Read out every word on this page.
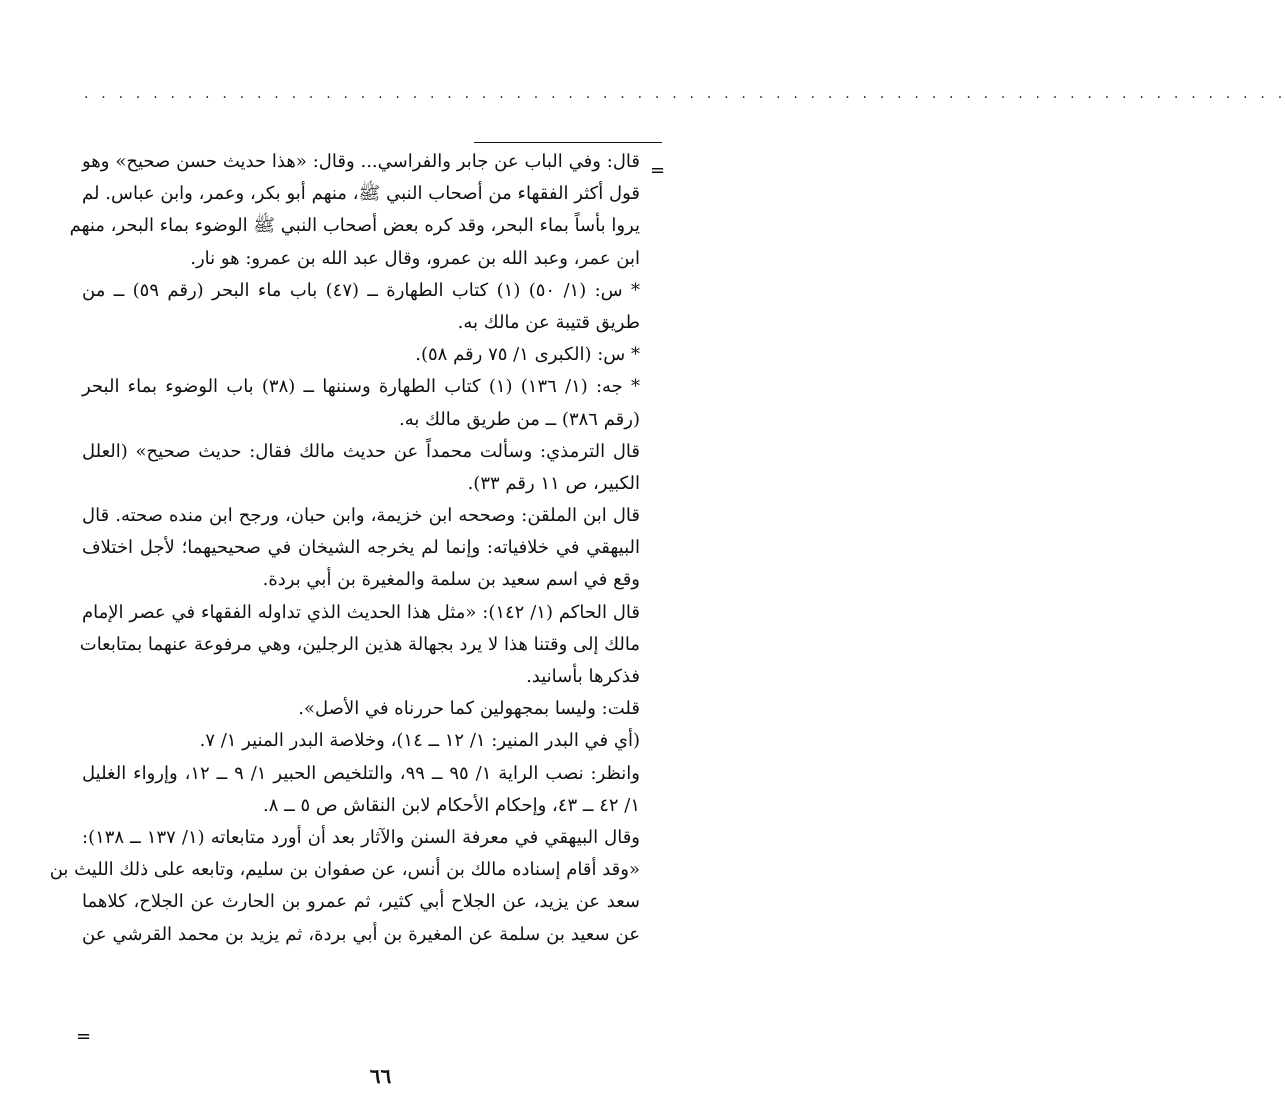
· · · · · · · · · · · · · · · · · · · · · · · · · · · · · · · · · · · · · · · · · · · · · · · · · · · · · · · · · · · · · · · · · · · · · ·
=
قال: وفي الباب عن جابر والفراسي... وقال: «هذا حديث حسن صحيح» وهو
قول أكثر الفقهاء من أصحاب النبي ﷺ، منهم أبو بكر، وعمر، وابن عباس. لم
يروا بأساً بماء البحر، وقد كره بعض أصحاب النبي ﷺ الوضوء بماء البحر، منهم
ابن عمر، وعبد الله بن عمرو، وقال عبد الله بن عمرو: هو نار.
* س: (١/ ٥٠) (١) كتاب الطهارة ــ (٤٧) باب ماء البحر (رقم ٥٩) ــ من
طريق قتيبة عن مالك به.
* س: (الكبرى ١/ ٧٥ رقم ٥٨).
* جه: (١/ ١٣٦) (١) كتاب الطهارة وسننها ــ (٣٨) باب الوضوء بماء البحر
(رقم ٣٨٦) ــ من طريق مالك به.
قال الترمذي: وسألت محمداً عن حديث مالك فقال: حديث صحيح» (العلل
الكبير، ص ١١ رقم ٣٣).
قال ابن الملقن: وصححه ابن خزيمة، وابن حبان، ورجح ابن منده صحته. قال
البيهقي في خلافياته: وإنما لم يخرجه الشيخان في صحيحيهما؛ لأجل اختلاف
وقع في اسم سعيد بن سلمة والمغيرة بن أبي بردة.
قال الحاكم (١/ ١٤٢): «مثل هذا الحديث الذي تداوله الفقهاء في عصر الإمام
مالك إلى وقتنا هذا لا يرد بجهالة هذين الرجلين، وهي مرفوعة عنهما بمتابعات
فذكرها بأسانيد.
قلت: وليسا بمجهولين كما حررناه في الأصل».
(أي في البدر المنير: ١/ ١٢ ــ ١٤)، وخلاصة البدر المنير ١/ ٧.
وانظر: نصب الراية ١/ ٩٥ ــ ٩٩، والتلخيص الحبير ١/ ٩ ــ ١٢، وإرواء الغليل
١/ ٤٢ ــ ٤٣، وإحكام الأحكام لابن النقاش ص ٥ ــ ٨.
وقال البيهقي في معرفة السنن والآثار بعد أن أورد متابعاته (١/ ١٣٧ ــ ١٣٨):
«وقد أقام إسناده مالك بن أنس، عن صفوان بن سليم، وتابعه على ذلك الليث بن
سعد عن يزيد، عن الجلاح أبي كثير، ثم عمرو بن الحارث عن الجلاح، كلاهما
عن سعيد بن سلمة عن المغيرة بن أبي بردة، ثم يزيد بن محمد القرشي عن
=
٦٦
